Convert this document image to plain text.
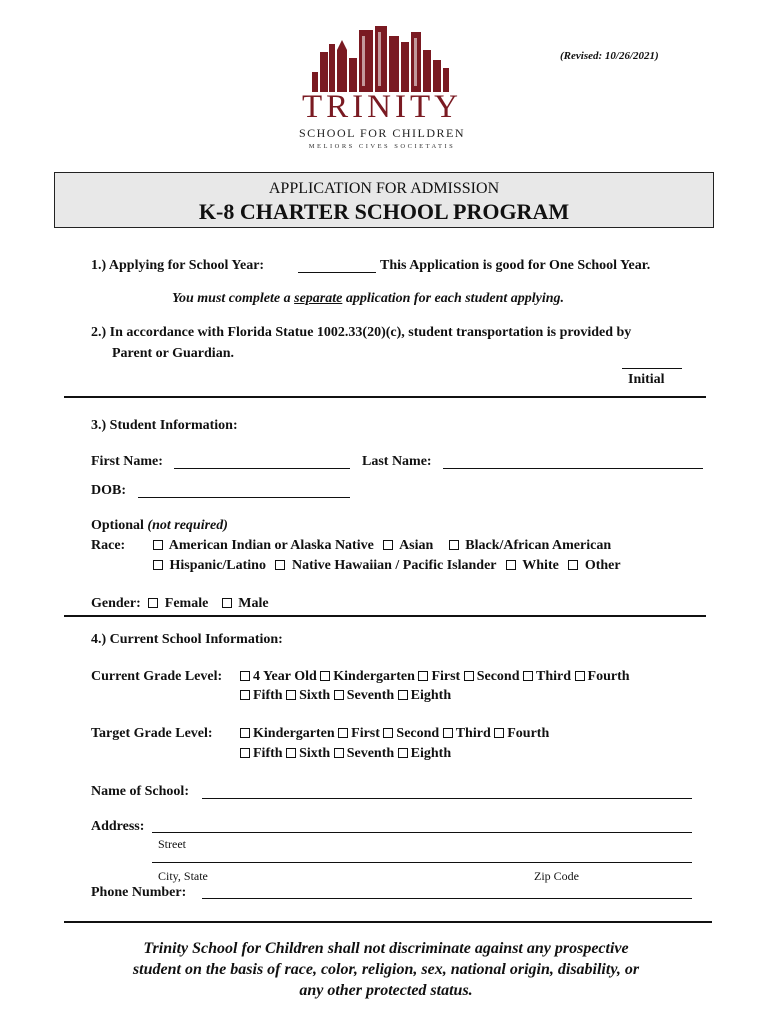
(Revised: 10/26/2021)
TRINITY
SCHOOL FOR CHILDREN
MELIORS CIVES SOCIETATIS
APPLICATION FOR ADMISSION
K-8 CHARTER SCHOOL PROGRAM
1.) Applying for School Year:	This Application is good for One School Year.
You must complete a separate application for each student applying.
2.) In accordance with Florida Statue 1002.33(20)(c), student transportation is provided by
Parent or Guardian.
Initial
3.) Student Information:
First Name:	Last Name:
DOB:
Optional (not required)
Race:	American Indian or Alaska Native Asian Black/African American
Hispanic/Latino Native Hawaiian / Pacific Islander White Other
Gender: Female Male
4.) Current School Information:
Current Grade Level:	4 Year Old Kindergarten First Second Third Fourth
Fifth Sixth Seventh Eighth
Target Grade Level:	Kindergarten First Second Third Fourth
Fifth Sixth Seventh Eighth
Name of School:
Address:
Street
City, State	Zip Code
Phone Number:
Trinity School for Children shall not discriminate against any prospective
student on the basis of race, color, religion, sex, national origin, disability, or
any other protected status.
